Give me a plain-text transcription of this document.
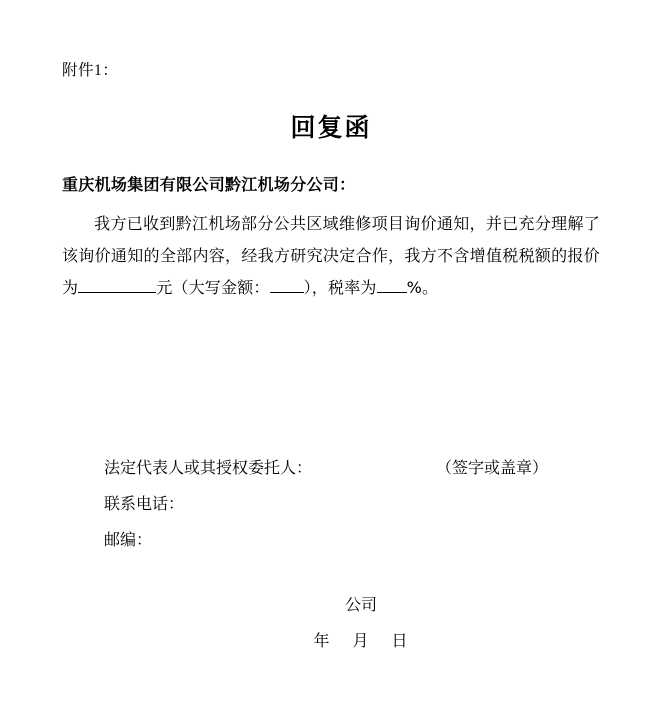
附件1：
回复函
重庆机场集团有限公司黔江机场分公司：
我方已收到黔江机场部分公共区域维修项目询价通知，并已充分理解了该询价通知的全部内容，经我方研究决定合作，我方不含增值税税额的报价为	元（大写金额： ），税率为 %。
法定代表人或其授权委托人：	（签字或盖章）
联系电话：
邮编：
公司
年 月 日
